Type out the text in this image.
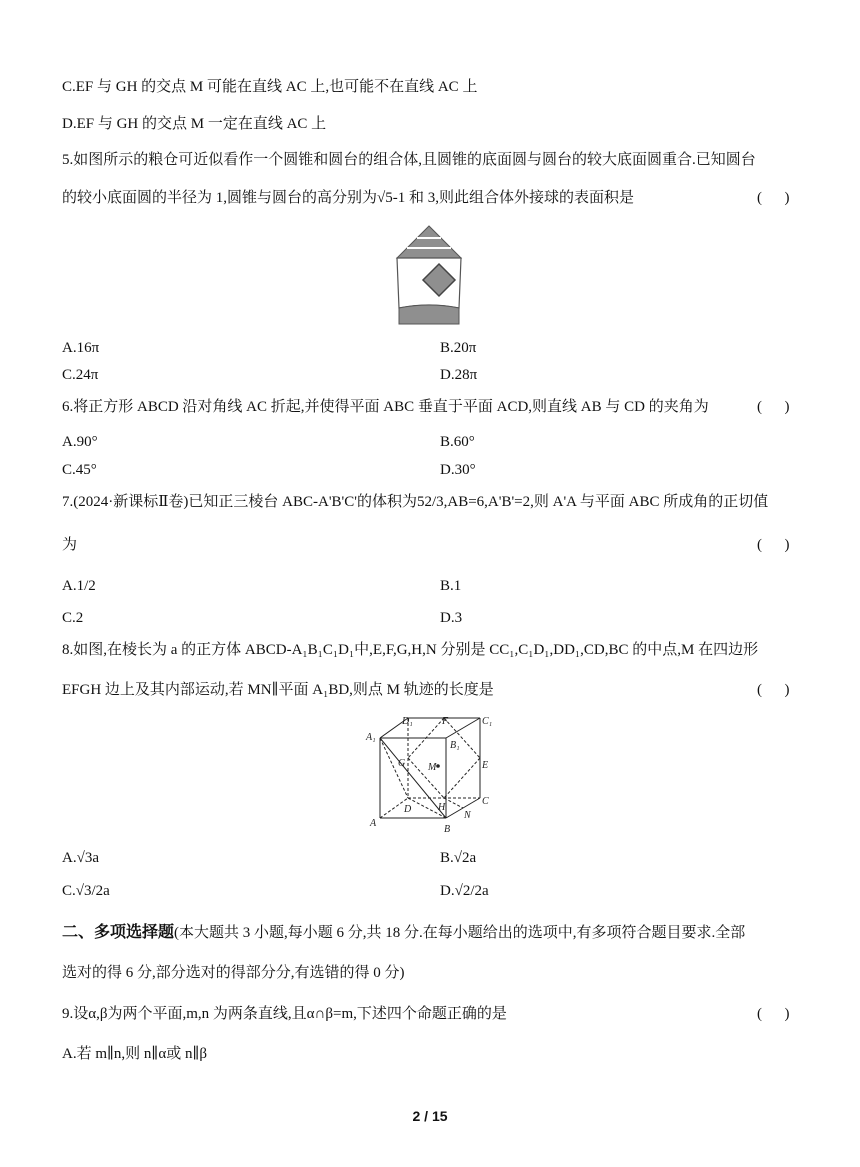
C.EF 与 GH 的交点 M 可能在直线 AC 上,也可能不在直线 AC 上
D.EF 与 GH 的交点 M 一定在直线 AC 上
5.如图所示的粮仓可近似看作一个圆锥和圆台的组合体,且圆锥的底面圆与圆台的较大底面圆重合.已知圆台
的较小底面圆的半径为 1,圆锥与圆台的高分别为√5-1 和 3,则此组合体外接球的表面积是	(      )
A.16π	B.20π
C.24π	D.28π
6.将正方形 ABCD 沿对角线 AC 折起,并使得平面 ABC 垂直于平面 ACD,则直线 AB 与 CD 的夹角为	(      )
A.90°	B.60°
C.45°	D.30°
7.(2024·新课标Ⅱ卷)已知正三棱台 ABC-A'B'C'的体积为52/3,AB=6,A'B'=2,则 A'A 与平面 ABC 所成角的正切值
为	(      )
A.1/2	B.1
C.2	D.3
8.如图,在棱长为 a 的正方体 ABCD-A₁B₁C₁D₁中,E,F,G,H,N 分别是 CC₁,C₁D₁,DD₁,CD,BC 的中点,M 在四边形
EFGH 边上及其内部运动,若 MN∥平面 A₁BD,则点 M 轨迹的长度是	(      )
D₁	F	C₁
A₁
B₁
G M	E
D	H
C
N
A
B
A.√3a	B.√2a
C.√3/2a	D.√2/2a
二、多项选择题(本大题共 3 小题,每小题 6 分,共 18 分.在每小题给出的选项中,有多项符合题目要求.全部
选对的得 6 分,部分选对的得部分分,有选错的得 0 分)
9.设α,β为两个平面,m,n 为两条直线,且α∩β=m,下述四个命题正确的是	(      )
A.若 m∥n,则 n∥α或 n∥β
2 / 15
